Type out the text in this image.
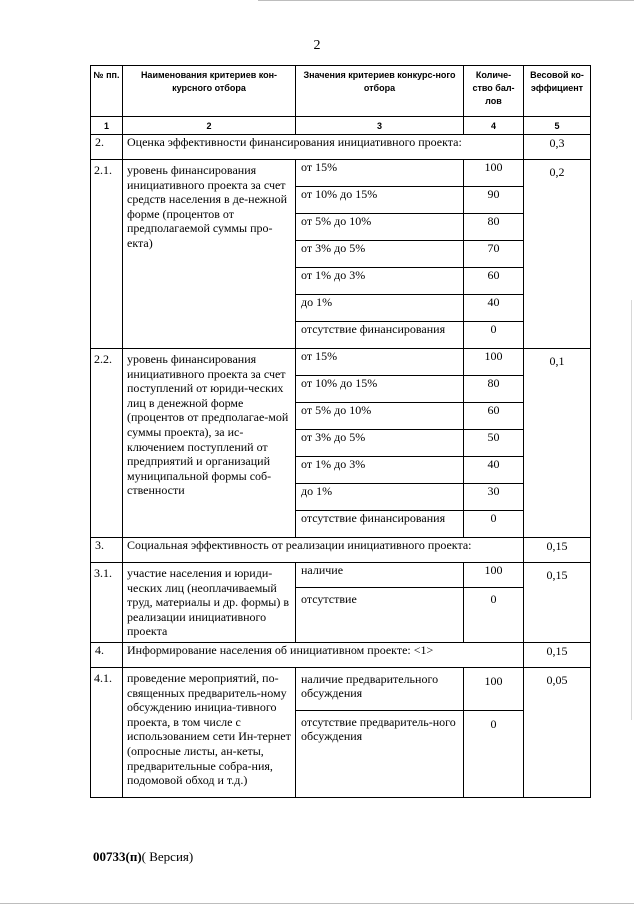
2
№ пп.	Наименования критериев кон-курсного отбора	Значения критериев конкурс-ного отбора	Количе-ство бал-лов	Весовой ко-эффициент
1	2	3	4	5
2.	Оценка эффективности финансирования инициативного проекта:			0,3
2.1.	уровень финансирования инициативного проекта за счет средств населения в де-нежной форме (процентов от предполагаемой суммы про-екта)	от 15%	100	0,2
		от 10% до 15%	90	
		от 5% до 10%	80	
		от 3% до 5%	70	
		от 1% до 3%	60	
		до 1%	40	
		отсутствие финансирования	0	
2.2.	уровень финансирования инициативного проекта за счет поступлений от юриди-ческих лиц в денежной форме (процентов от предполагае-мой суммы проекта), за ис-ключением поступлений от предприятий и организаций муниципальной формы соб-ственности	от 15%	100	0,1
		от 10% до 15%	80	
		от 5% до 10%	60	
		от 3% до 5%	50	
		от 1% до 3%	40	
		до 1%	30	
		отсутствие финансирования	0	
3.	Социальная эффективность от реализации инициативного проекта:			0,15
3.1.	участие населения и юриди-ческих лиц (неоплачиваемый труд, материалы и др. формы) в реализации инициативного проекта	наличие	100	0,15
		отсутствие	0	
4.	Информирование населения об инициативном проекте: <1>			0,15
4.1.	проведение мероприятий, по-священных предваритель-ному обсуждению инициа-тивного проекта, в том числе с использованием сети Ин-тернет (опросные листы, ан-кеты, предварительные собра-ния, подомовой обход и т.д.)	наличие предварительного обсуждения	100	0,05
		отсутствие предваритель-ного обсуждения	0	
00733(п)( Версия)
